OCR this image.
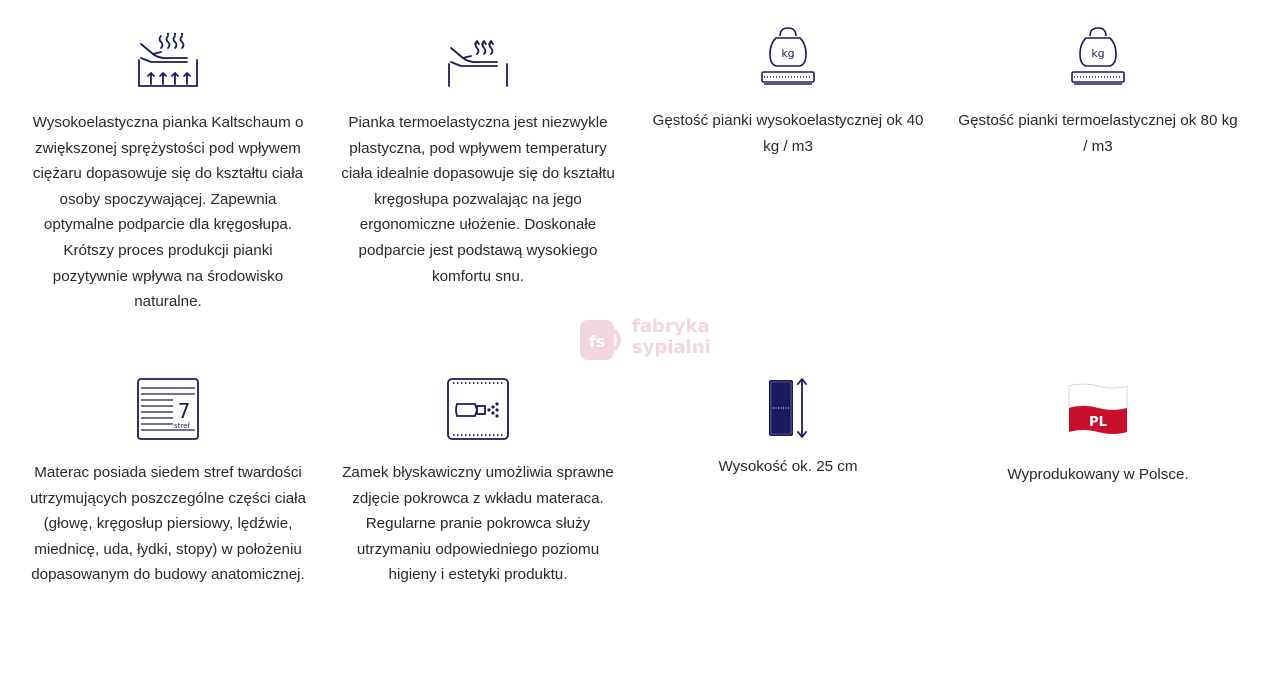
Wysokoelastyczna pianka Kaltschaum o zwiększonej sprężystości pod wpływem ciężaru dopasowuje się do kształtu ciała osoby spoczywającej. Zapewnia optymalne podparcie dla kręgosłupa. Krótszy proces produkcji pianki pozytywnie wpływa na środowisko naturalne.

Pianka termoelastyczna jest niezwykle plastyczna, pod wpływem temperatury ciała idealnie dopasowuje się do kształtu kręgosłupa pozwalając na jego ergonomiczne ułożenie. Doskonałe podparcie jest podstawą wysokiego komfortu snu.

kg

Gęstość pianki wysokoelastycznej ok 40 kg / m3

kg

Gęstość pianki termoelastycznej ok 80 kg / m3

7
stref

Materac posiada siedem stref twardości utrzymujących poszczególne części ciała (głowę, kręgosłup piersiowy, lędźwie, miednicę, uda, łydki, stopy) w położeniu dopasowanym do budowy anatomicznej.

Zamek błyskawiczny umożliwia sprawne zdjęcie pokrowca z wkładu materaca. Regularne pranie pokrowca służy utrzymaniu odpowiedniego poziomu higieny i estetyki produktu.

Wysokość ok. 25 cm

PL

Wyprodukowany w Polsce.

fs
fabryka
sypialni
